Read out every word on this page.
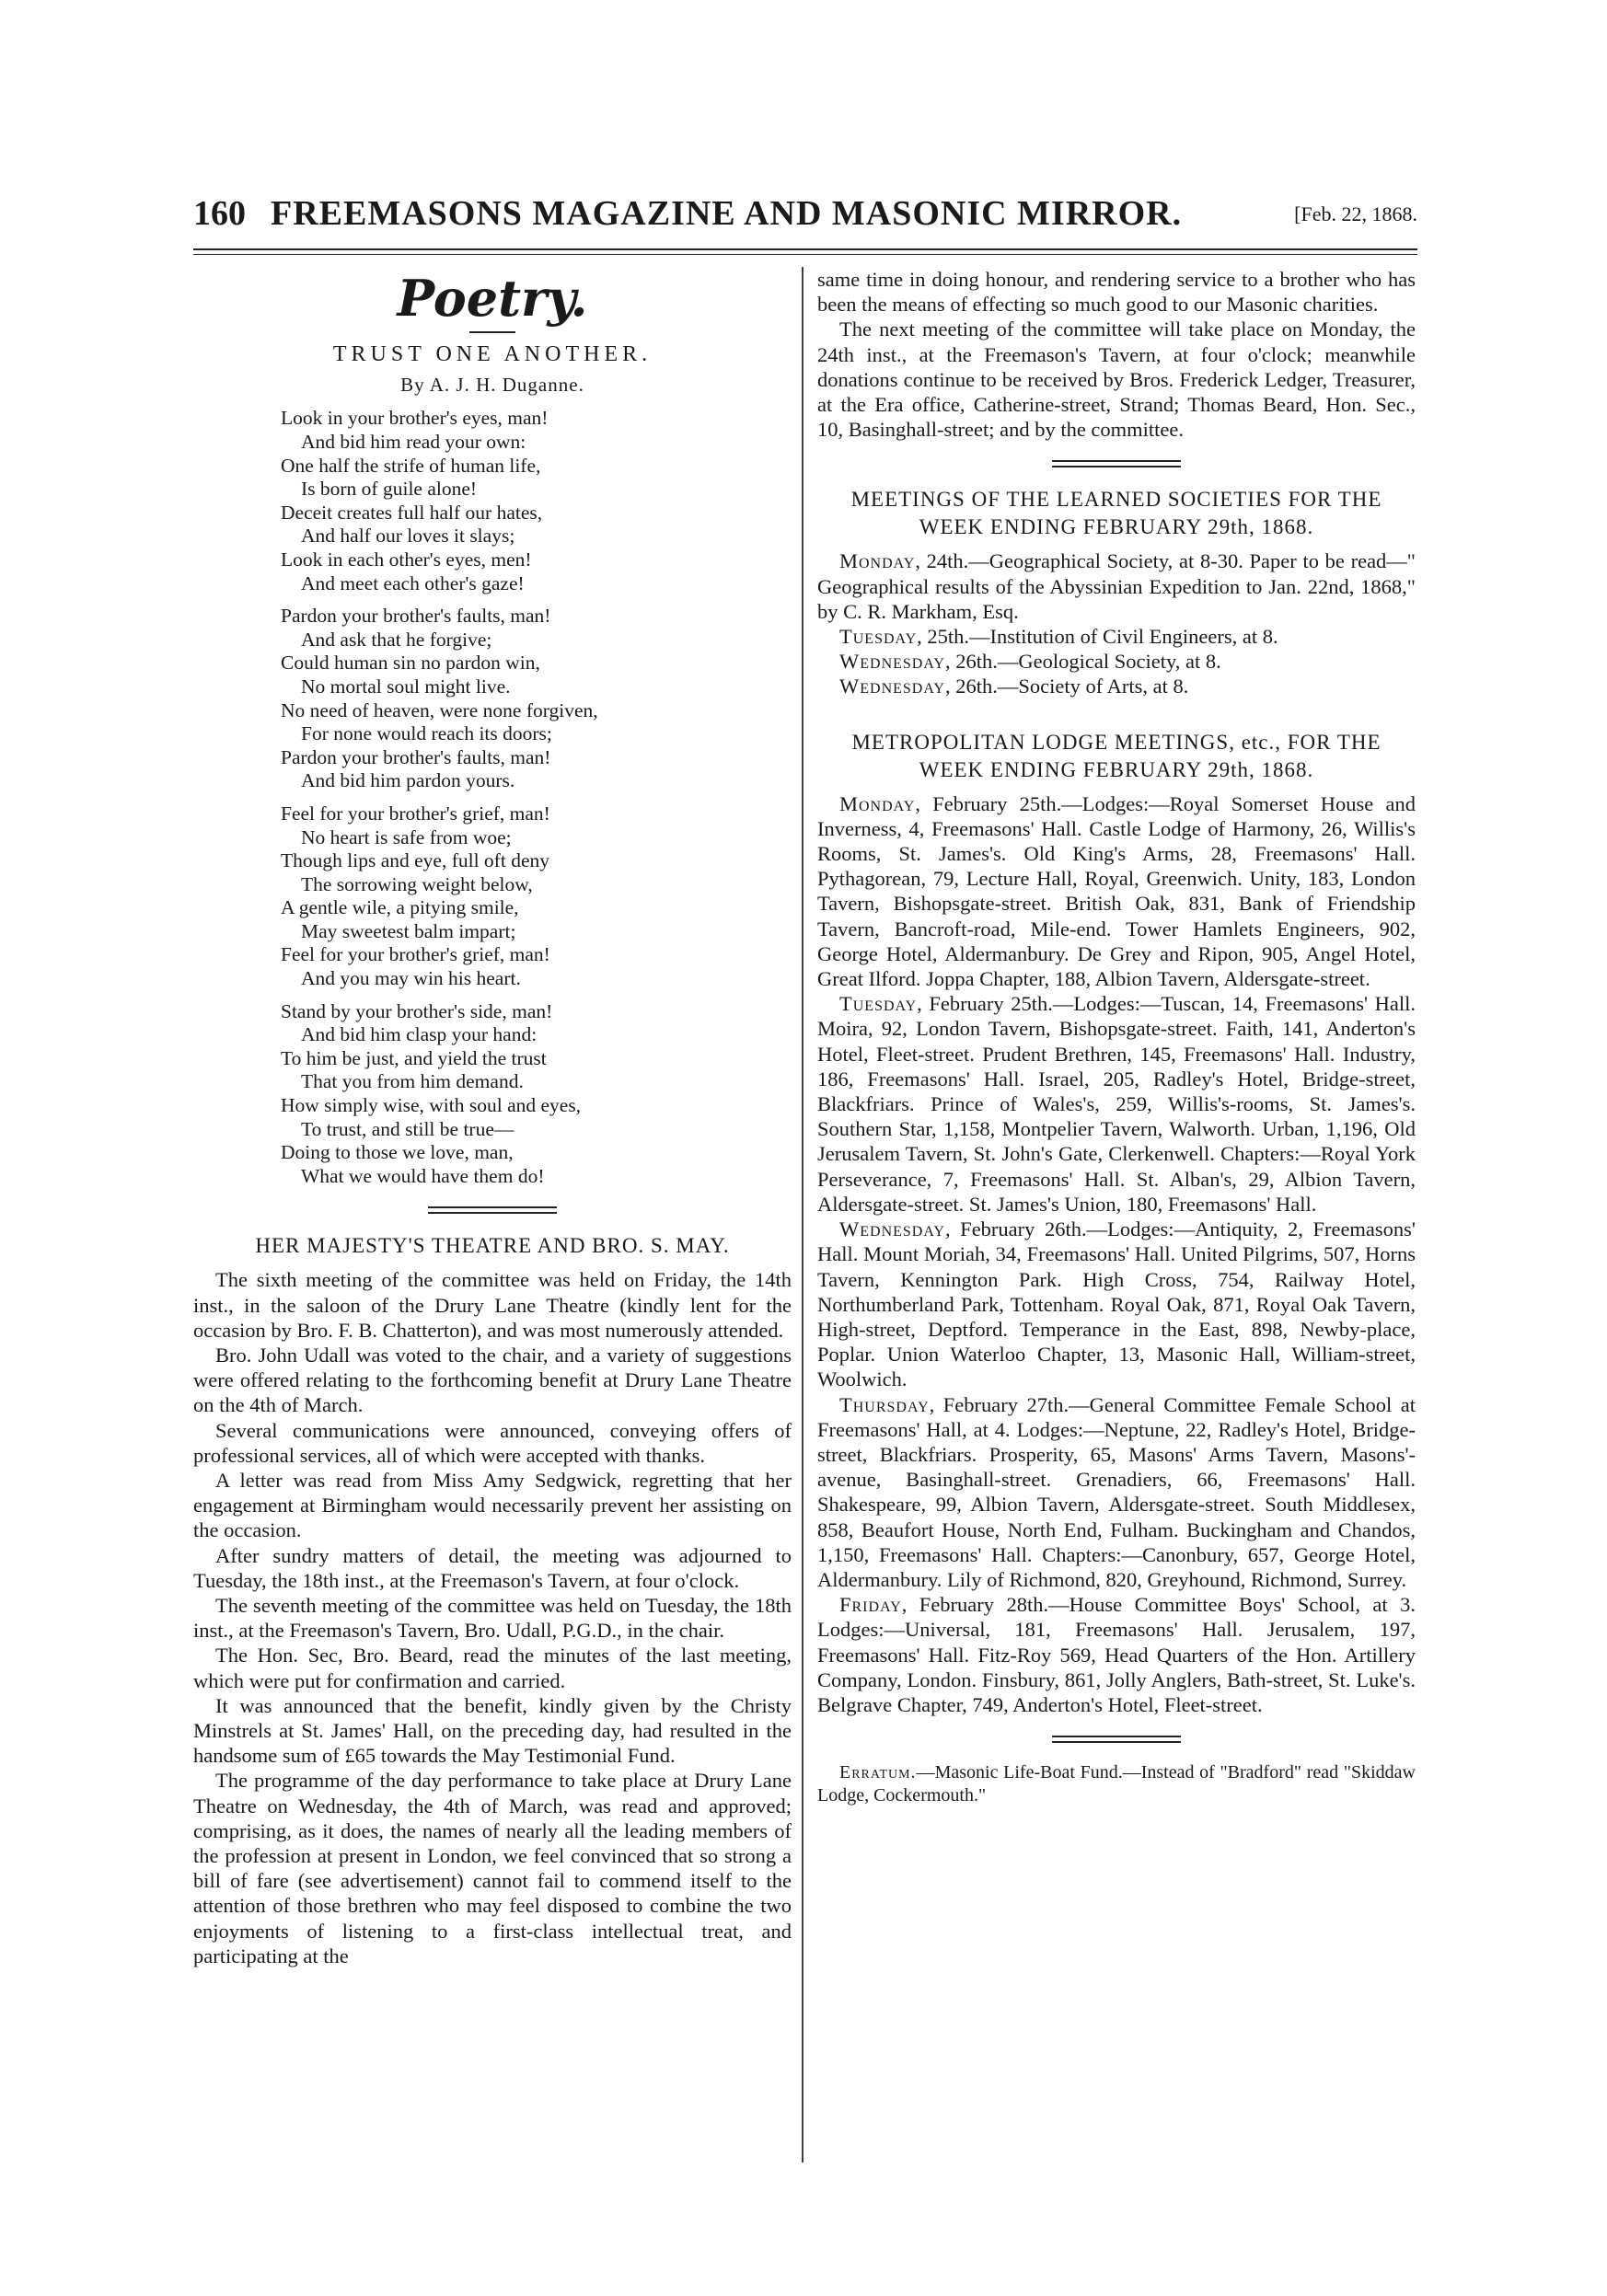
160 FREEMASONS MAGAZINE AND MASONIC MIRROR.	[Feb. 22, 1868.
Poetry.
TRUST ONE ANOTHER.
By A. J. H. Duganne.
Look in your brother's eyes, man!
And bid him read your own:
One half the strife of human life,
Is born of guile alone!
Deceit creates full half our hates,
And half our loves it slays;
Look in each other's eyes, men!
And meet each other's gaze!
Pardon your brother's faults, man!
And ask that he forgive;
Could human sin no pardon win,
No mortal soul might live.
No need of heaven, were none forgiven,
For none would reach its doors;
Pardon your brother's faults, man!
And bid him pardon yours.
Feel for your brother's grief, man!
No heart is safe from woe;
Though lips and eye, full oft deny
The sorrowing weight below,
A gentle wile, a pitying smile,
May sweetest balm impart;
Feel for your brother's grief, man!
And you may win his heart.
Stand by your brother's side, man!
And bid him clasp your hand:
To him be just, and yield the trust
That you from him demand.
How simply wise, with soul and eyes,
To trust, and still be true—
Doing to those we love, man,
What we would have them do!
HER MAJESTY'S THEATRE AND BRO. S. MAY.

The sixth meeting of the committee was held on Friday, the 14th inst., in the saloon of the Drury Lane Theatre (kindly lent for the occasion by Bro. F. B. Chatterton), and was most numerously attended.

Bro. John Udall was voted to the chair, and a variety of suggestions were offered relating to the forthcoming benefit at Drury Lane Theatre on the 4th of March.

Several communications were announced, conveying offers of professional services, all of which were accepted with thanks.

A letter was read from Miss Amy Sedgwick, regretting that her engagement at Birmingham would necessarily prevent her assisting on the occasion.

After sundry matters of detail, the meeting was adjourned to Tuesday, the 18th inst., at the Freemason's Tavern, at four o'clock.

The seventh meeting of the committee was held on Tuesday, the 18th inst., at the Freemason's Tavern, Bro. Udall, P.G.D., in the chair.

The Hon. Sec, Bro. Beard, read the minutes of the last meeting, which were put for confirmation and carried.

It was announced that the benefit, kindly given by the Christy Minstrels at St. James' Hall, on the preceding day, had resulted in the handsome sum of £65 towards the May Testimonial Fund.

The programme of the day performance to take place at Drury Lane Theatre on Wednesday, the 4th of March, was read and approved; comprising, as it does, the names of nearly all the leading members of the profession at present in London, we feel convinced that so strong a bill of fare (see advertisement) cannot fail to commend itself to the attention of those brethren who may feel disposed to combine the two enjoyments of listening to a first-class intellectual treat, and participating at the

same time in doing honour, and rendering service to a brother who has been the means of effecting so much good to our Masonic charities.

The next meeting of the committee will take place on Monday, the 24th inst., at the Freemason's Tavern, at four o'clock; meanwhile donations continue to be received by Bros. Frederick Ledger, Treasurer, at the Era office, Catherine-street, Strand; Thomas Beard, Hon. Sec., 10, Basinghall-street; and by the committee.

MEETINGS OF THE LEARNED SOCIETIES FOR THE WEEK ENDING FEBRUARY 29th, 1868.

Monday, 24th.—Geographical Society, at 8-30. Paper to be read—" Geographical results of the Abyssinian Expedition to Jan. 22nd, 1868," by C. R. Markham, Esq.

Tuesday, 25th.—Institution of Civil Engineers, at 8.

Wednesday, 26th.—Geological Society, at 8.

Wednesday, 26th.—Society of Arts, at 8.

METROPOLITAN LODGE MEETINGS, etc., FOR THE WEEK ENDING FEBRUARY 29th, 1868.

Monday, February 25th.—Lodges:—Royal Somerset House and Inverness, 4, Freemasons' Hall. Castle Lodge of Harmony, 26, Willis's Rooms, St. James's. Old King's Arms, 28, Freemasons' Hall. Pythagorean, 79, Lecture Hall, Royal, Greenwich. Unity, 183, London Tavern, Bishopsgate-street. British Oak, 831, Bank of Friendship Tavern, Bancroft-road, Mile-end. Tower Hamlets Engineers, 902, George Hotel, Aldermanbury. De Grey and Ripon, 905, Angel Hotel, Great Ilford. Joppa Chapter, 188, Albion Tavern, Aldersgate-street.

Tuesday, February 25th.—Lodges:—Tuscan, 14, Freemasons' Hall. Moira, 92, London Tavern, Bishopsgate-street. Faith, 141, Anderton's Hotel, Fleet-street. Prudent Brethren, 145, Freemasons' Hall. Industry, 186, Freemasons' Hall. Israel, 205, Radley's Hotel, Bridge-street, Blackfriars. Prince of Wales's, 259, Willis's-rooms, St. James's. Southern Star, 1,158, Montpelier Tavern, Walworth. Urban, 1,196, Old Jerusalem Tavern, St. John's Gate, Clerkenwell. Chapters:—Royal York Perseverance, 7, Freemasons' Hall. St. Alban's, 29, Albion Tavern, Aldersgate-street. St. James's Union, 180, Freemasons' Hall.

Wednesday, February 26th.—Lodges:—Antiquity, 2, Freemasons' Hall. Mount Moriah, 34, Freemasons' Hall. United Pilgrims, 507, Horns Tavern, Kennington Park. High Cross, 754, Railway Hotel, Northumberland Park, Tottenham. Royal Oak, 871, Royal Oak Tavern, High-street, Deptford. Temperance in the East, 898, Newby-place, Poplar. Union Waterloo Chapter, 13, Masonic Hall, William-street, Woolwich.

Thursday, February 27th.—General Committee Female School at Freemasons' Hall, at 4. Lodges:—Neptune, 22, Radley's Hotel, Bridge-street, Blackfriars. Prosperity, 65, Masons' Arms Tavern, Masons'-avenue, Basinghall-street. Grenadiers, 66, Freemasons' Hall. Shakespeare, 99, Albion Tavern, Aldersgate-street. South Middlesex, 858, Beaufort House, North End, Fulham. Buckingham and Chandos, 1,150, Freemasons' Hall. Chapters:—Canonbury, 657, George Hotel, Aldermanbury. Lily of Richmond, 820, Greyhound, Richmond, Surrey.

Friday, February 28th.—House Committee Boys' School, at 3. Lodges:—Universal, 181, Freemasons' Hall. Jerusalem, 197, Freemasons' Hall. Fitz-Roy 569, Head Quarters of the Hon. Artillery Company, London. Finsbury, 861, Jolly Anglers, Bath-street, St. Luke's. Belgrave Chapter, 749, Anderton's Hotel, Fleet-street.

Erratum.—Masonic Life-Boat Fund.—Instead of "Bradford" read "Skiddaw Lodge, Cockermouth."
